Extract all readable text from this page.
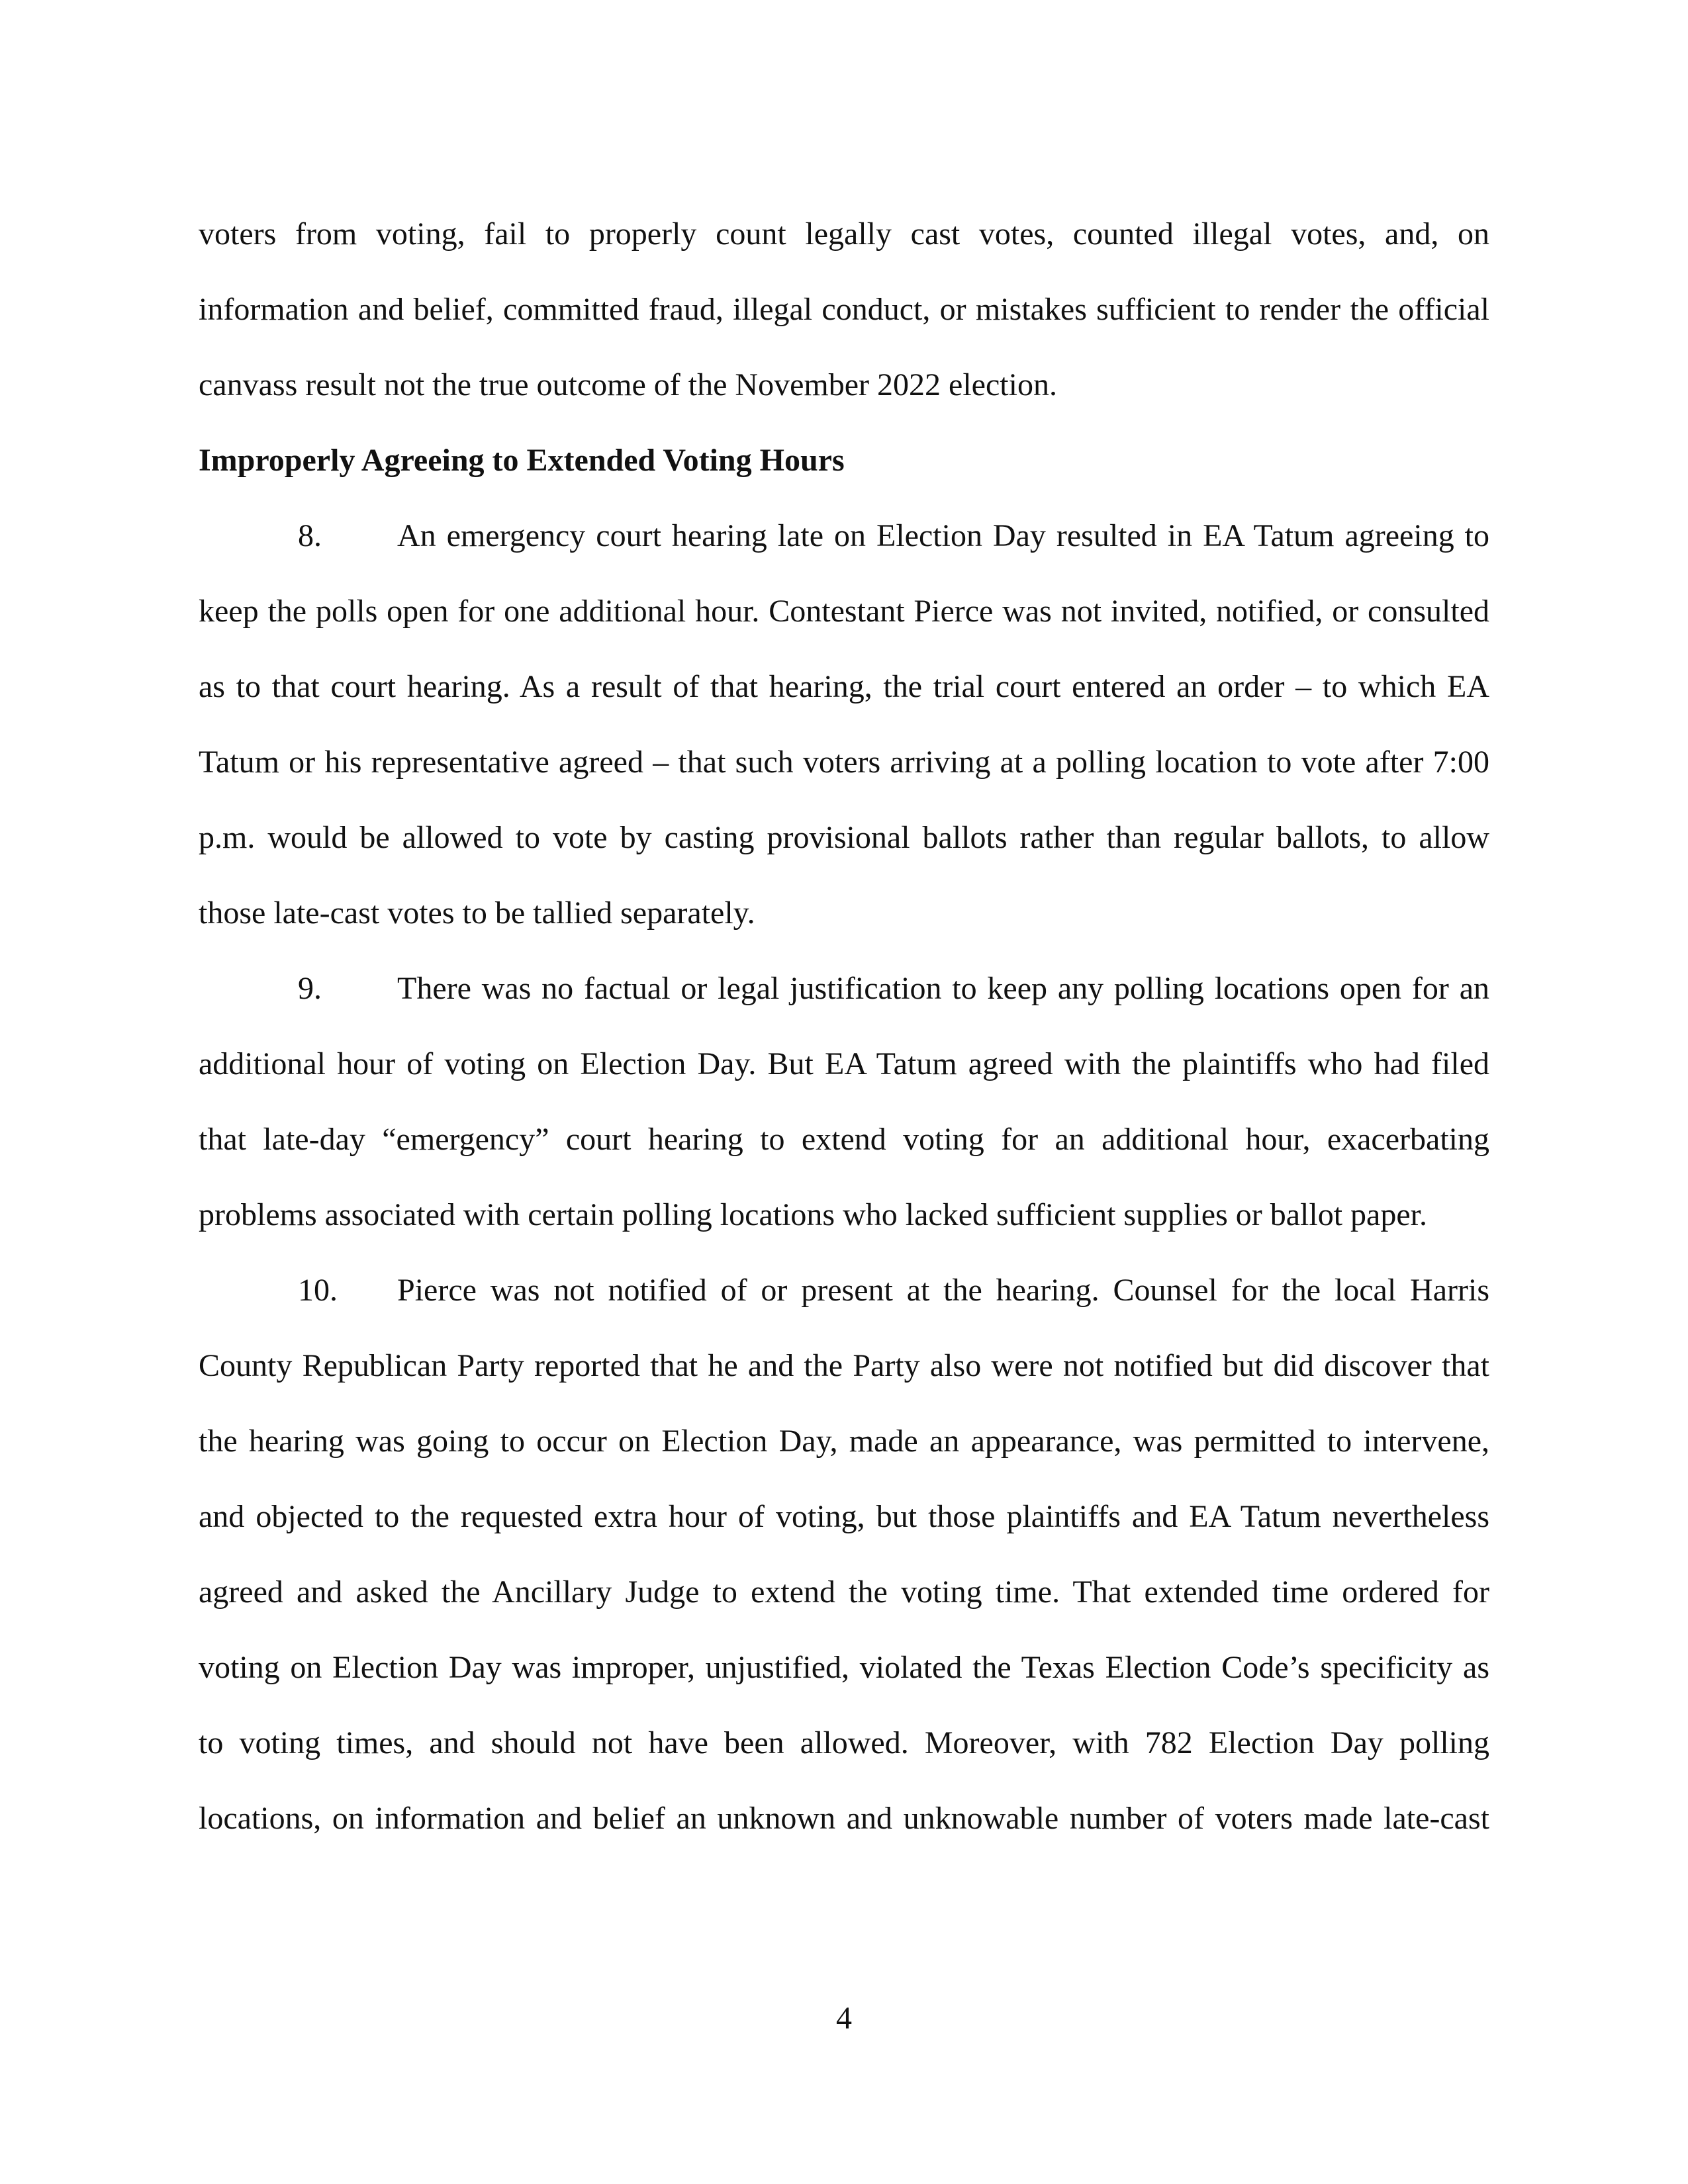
voters from voting, fail to properly count legally cast votes, counted illegal votes, and, on information and belief, committed fraud, illegal conduct, or mistakes sufficient to render the official canvass result not the true outcome of the November 2022 election.

Improperly Agreeing to Extended Voting Hours

8. An emergency court hearing late on Election Day resulted in EA Tatum agreeing to keep the polls open for one additional hour. Contestant Pierce was not invited, notified, or consulted as to that court hearing. As a result of that hearing, the trial court entered an order – to which EA Tatum or his representative agreed – that such voters arriving at a polling location to vote after 7:00 p.m. would be allowed to vote by casting provisional ballots rather than regular ballots, to allow those late-cast votes to be tallied separately.

9. There was no factual or legal justification to keep any polling locations open for an additional hour of voting on Election Day. But EA Tatum agreed with the plaintiffs who had filed that late-day “emergency” court hearing to extend voting for an additional hour, exacerbating problems associated with certain polling locations who lacked sufficient supplies or ballot paper.

10. Pierce was not notified of or present at the hearing. Counsel for the local Harris County Republican Party reported that he and the Party also were not notified but did discover that the hearing was going to occur on Election Day, made an appearance, was permitted to intervene, and objected to the requested extra hour of voting, but those plaintiffs and EA Tatum nevertheless agreed and asked the Ancillary Judge to extend the voting time. That extended time ordered for voting on Election Day was improper, unjustified, violated the Texas Election Code’s specificity as to voting times, and should not have been allowed. Moreover, with 782 Election Day polling locations, on information and belief an unknown and unknowable number of voters made late-cast

4
